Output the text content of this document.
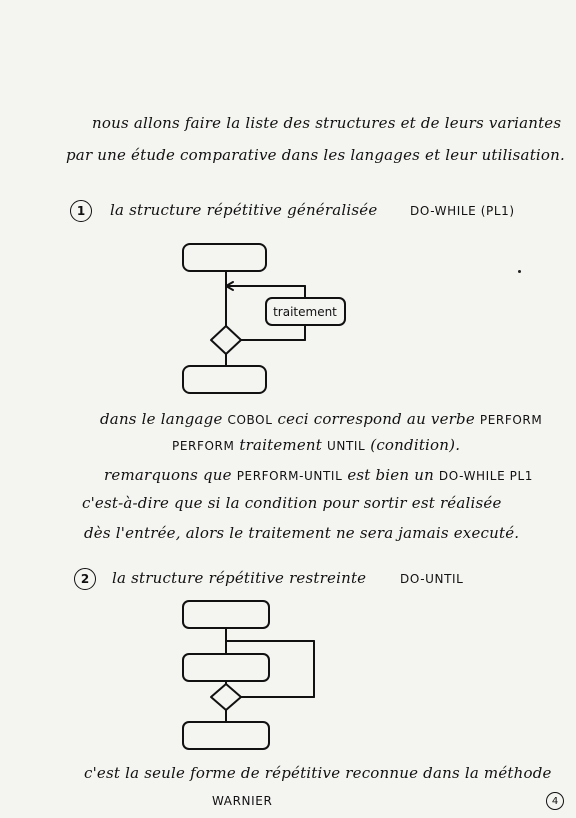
nous allons faire la liste des structures et de leurs variantes
par une étude comparative dans les langages et leur utilisation.
1	la structure répétitive généralisée	DO-WHILE (PL1)
traitement
dans le langage COBOL ceci correspond au verbe PERFORM
PERFORM traitement UNTIL (condition).
remarquons que PERFORM-UNTIL est bien un DO-WHILE PL1
c'est-à-dire que si la condition pour sortir est réalisée
dès l'entrée, alors le traitement ne sera jamais executé.
2	la structure répétitive restreinte	DO-UNTIL
c'est la seule forme de répétitive reconnue dans la méthode
WARNIER	4
